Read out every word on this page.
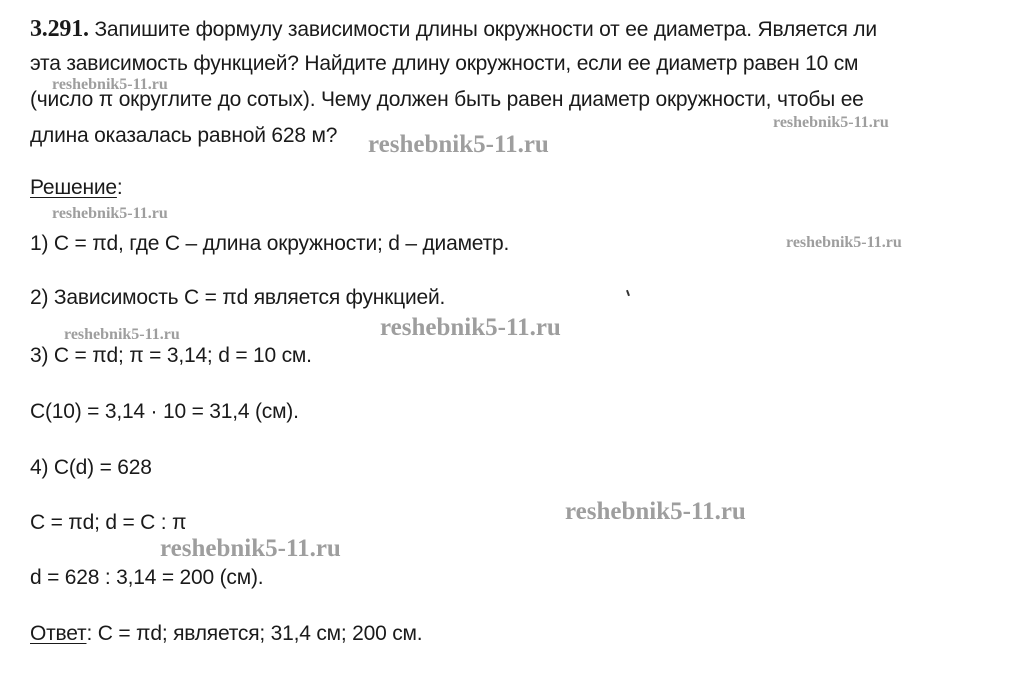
3.291. Запишите формулу зависимости длины окружности от ее диаметра. Является ли
эта зависимость функцией? Найдите длину окружности, если ее диаметр равен 10 см
(число π округлите до сотых). Чему должен быть равен диаметр окружности, чтобы ее
длина оказалась равной 628 м?
Решение:
1) C = πd, где C – длина окружности; d – диаметр.
2) Зависимость C = πd является функцией.
3) C = πd; π = 3,14; d = 10 см.
C(10) = 3,14 · 10 = 31,4 (см).
4) C(d) = 628
C = πd; d = C : π
d = 628 : 3,14 = 200 (см).
Ответ: C = πd; является; 31,4 см; 200 см.
reshebnik5-11.ru
reshebnik5-11.ru
reshebnik5-11.ru
reshebnik5-11.ru
reshebnik5-11.ru
reshebnik5-11.ru	reshebnik5-11.ru
reshebnik5-11.ru
reshebnik5-11.ru
